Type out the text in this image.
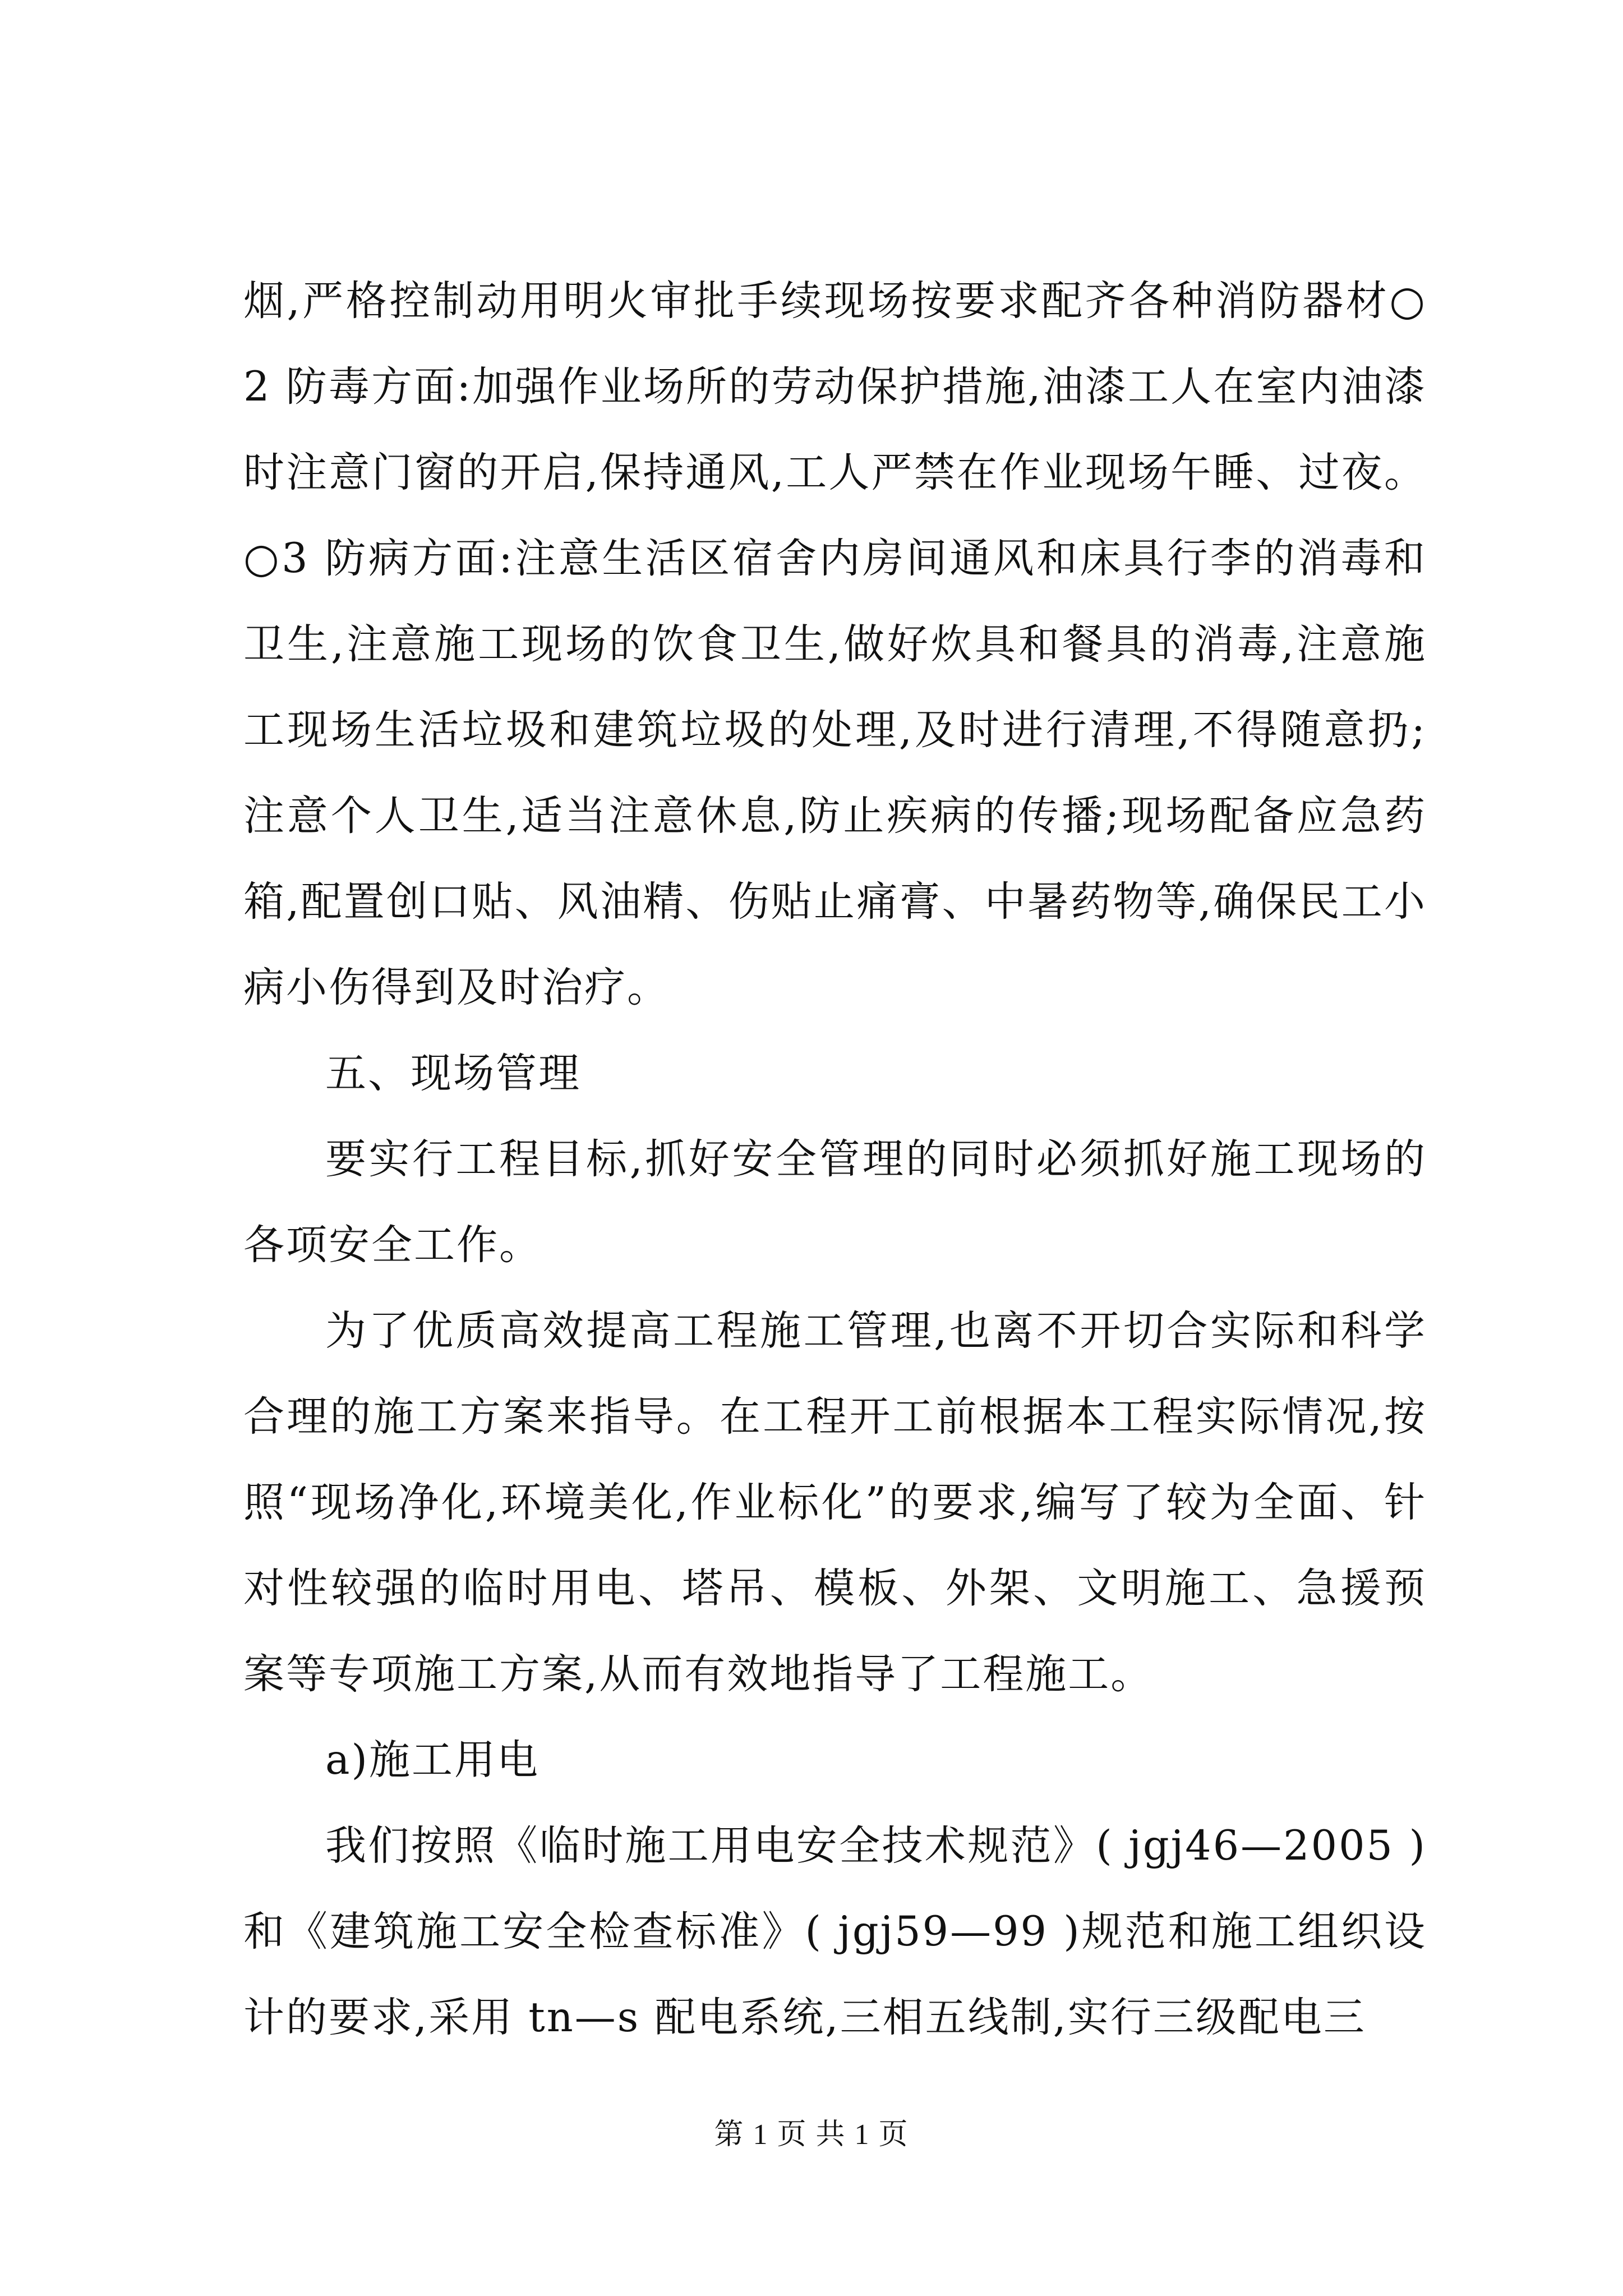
烟,严格控制动用明火审批手续现场按要求配齐各种消防器材○2 防毒方面:加强作业场所的劳动保护措施,油漆工人在室内油漆时注意门窗的开启,保持通风,工人严禁在作业现场午睡、过夜。○3 防病方面:注意生活区宿舍内房间通风和床具行李的消毒和卫生,注意施工现场的饮食卫生,做好炊具和餐具的消毒,注意施工现场生活垃圾和建筑垃圾的处理,及时进行清理,不得随意扔;注意个人卫生,适当注意休息,防止疾病的传播;现场配备应急药箱,配置创口贴、风油精、伤贴止痛膏、中暑药物等,确保民工小病小伤得到及时治疗。

五、现场管理

要实行工程目标,抓好安全管理的同时必须抓好施工现场的各项安全工作。

为了优质高效提高工程施工管理,也离不开切合实际和科学合理的施工方案来指导。在工程开工前根据本工程实际情况,按照“现场净化,环境美化,作业标化”的要求,编写了较为全面、针对性较强的临时用电、塔吊、模板、外架、文明施工、急援预案等专项施工方案,从而有效地指导了工程施工。

a)施工用电

我们按照《临时施工用电安全技术规范》( jgj46—2005 )和《建筑施工安全检查标准》( jgj59—99 )规范和施工组织设计的要求,采用 tn—s 配电系统,三相五线制,实行三级配电三

第 1 页 共 1 页
